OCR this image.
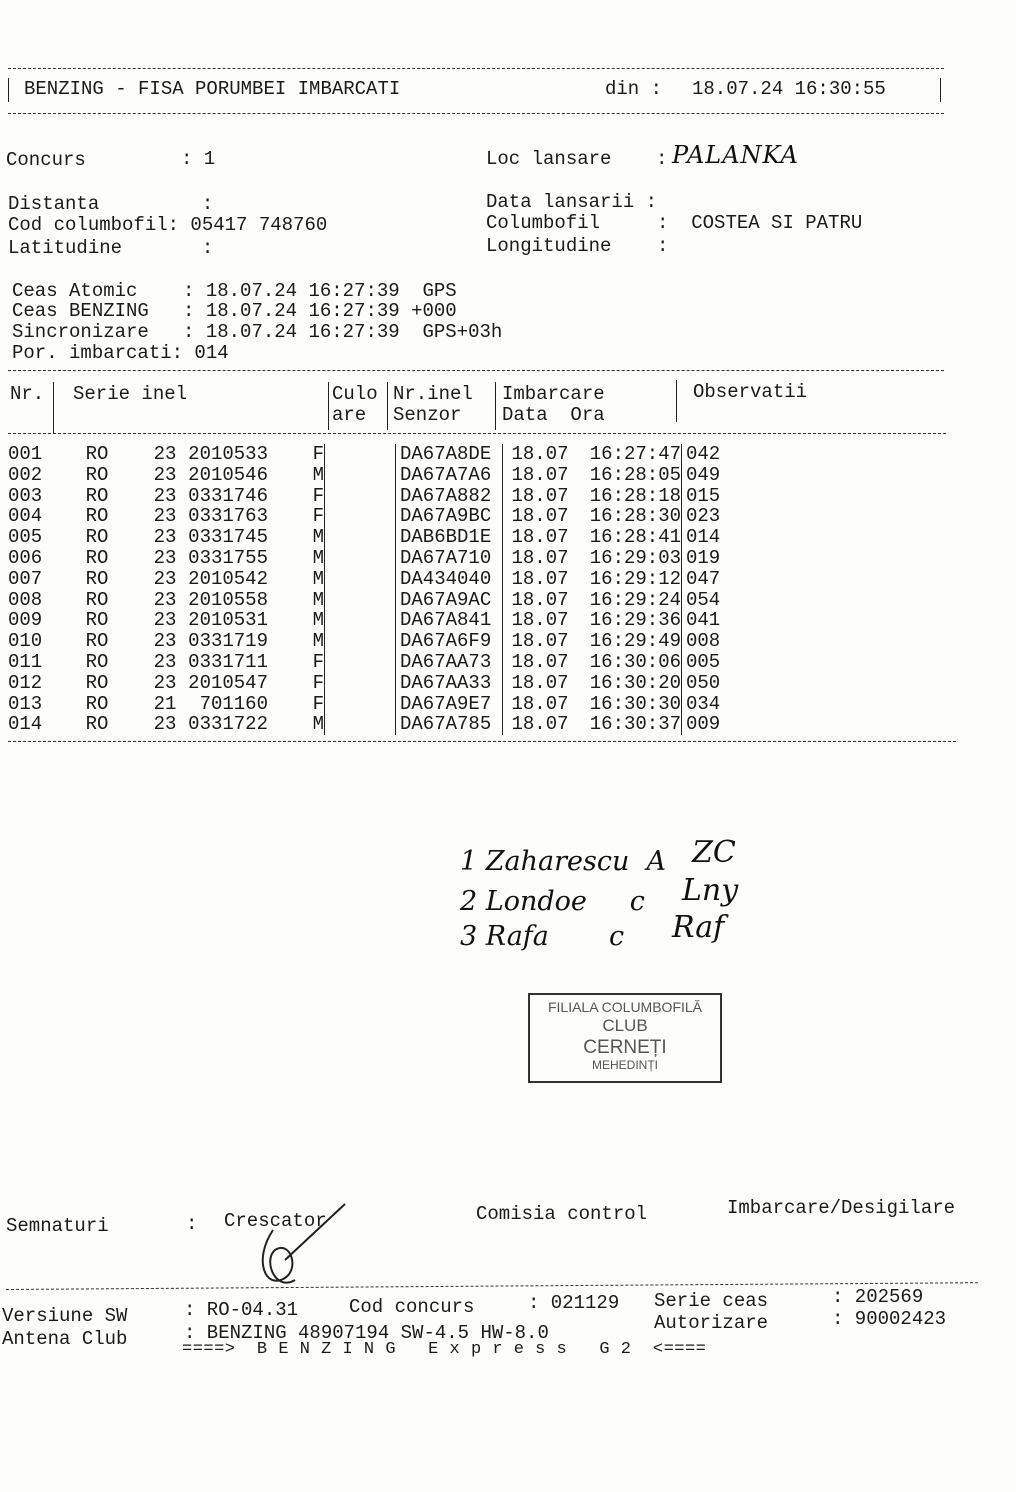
BENZING - FISA PORUMBEI IMBARCATI	din : 18.07.24 16:30:55
Concurs	: 1	Loc lansare : PALANKA
Distanta         :
Cod columbofil: 05417 748760
Latitudine       :
Data lansarii :
Columbofil     :  COSTEA SI PATRU
Longitudine    :
Ceas Atomic    : 18.07.24 16:27:39  GPS
Ceas BENZING   : 18.07.24 16:27:39 +000
Sincronizare   : 18.07.24 16:27:39  GPS+03h
Por. imbarcati: 014
Nr. Serie inel	Culo
are
Nr.inel
Senzor
Imbarcare
Data  Ora
Observatii
001	RO	23	2010533	F		DA67A8DE	18.07	16:27:47	042
002	RO	23	2010546	M		DA67A7A6	18.07	16:28:05	049
003	RO	23	0331746	F		DA67A882	18.07	16:28:18	015
004	RO	23	0331763	F		DA67A9BC	18.07	16:28:30	023
005	RO	23	0331745	M		DAB6BD1E	18.07	16:28:41	014
006	RO	23	0331755	M		DA67A710	18.07	16:29:03	019
007	RO	23	2010542	M		DA434040	18.07	16:29:12	047
008	RO	23	2010558	M		DA67A9AC	18.07	16:29:24	054
009	RO	23	2010531	M		DA67A841	18.07	16:29:36	041
010	RO	23	0331719	M		DA67A6F9	18.07	16:29:49	008
011	RO	23	0331711	F		DA67AA73	18.07	16:30:06	005
012	RO	23	2010547	F		DA67AA33	18.07	16:30:20	050
013	RO	21	701160	F		DA67A9E7	18.07	16:30:30	034
014	RO	23	0331722	M		DA67A785	18.07	16:30:37	009
1 Zaharescu  A
2 Londoe     c
3 Rafa       c
ZC
Lny
Raf
FILIALA COLUMBOFILĂ
CLUB
CERNEȚI
MEHEDINȚI
Semnaturi	: Crescator	Comisia control	Imbarcare/Desigilare
Versiune SW	: RO-04.31	Cod concurs	: 021129 Serie ceas	: 202569
Antena Club	: BENZING 48907194 SW-4.5 HW-8.0	Autorizare	: 90002423
====>  B E N Z I N G   E x p r e s s   G 2  <====
